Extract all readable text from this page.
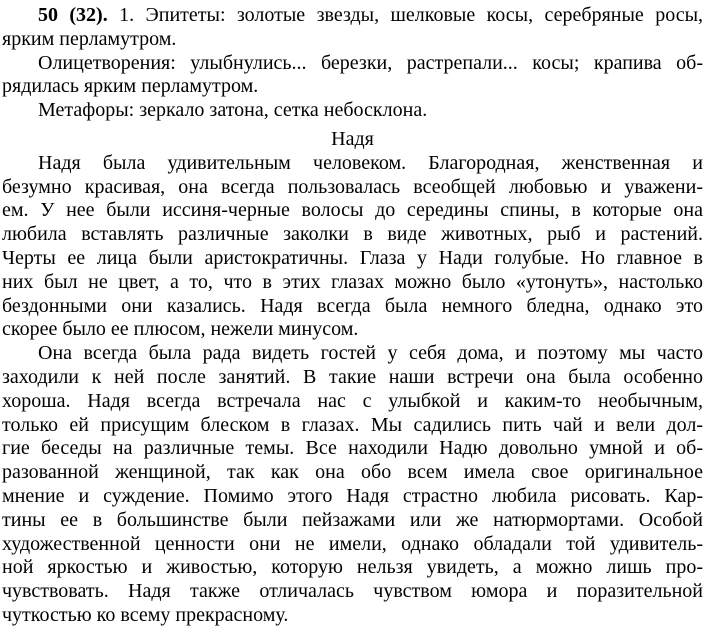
50 (32). 1. Эпитеты: золотые звезды, шелковые косы, серебряные росы,
ярким перламутром.
Олицетворения: улыбнулись... березки, растрепали... косы; крапива об-
рядилась ярким перламутром.
Метафоры: зеркало затона, сетка небосклона.
Надя
Надя была удивительным человеком. Благородная, женственная и
безумно красивая, она всегда пользовалась всеобщей любовью и уважени-
ем. У нее были иссиня-черные волосы до середины спины, в которые она
любила вставлять различные заколки в виде животных, рыб и растений.
Черты ее лица были аристократичны. Глаза у Нади голубые. Но главное в
них был не цвет, а то, что в этих глазах можно было «утонуть», настолько
бездонными они казались. Надя всегда была немного бледна, однако это
скорее было ее плюсом, нежели минусом.
Она всегда была рада видеть гостей у себя дома, и поэтому мы часто
заходили к ней после занятий. В такие наши встречи она была особенно
хороша. Надя всегда встречала нас с улыбкой и каким-то необычным,
только ей присущим блеском в глазах. Мы садились пить чай и вели дол-
гие беседы на различные темы. Все находили Надю довольно умной и об-
разованной женщиной, так как она обо всем имела свое оригинальное
мнение и суждение. Помимо этого Надя страстно любила рисовать. Кар-
тины ее в большинстве были пейзажами или же натюрмортами. Особой
художественной ценности они не имели, однако обладали той удивитель-
ной яркостью и живостью, которую нельзя увидеть, а можно лишь про-
чувствовать. Надя также отличалась чувством юмора и поразительной
чуткостью ко всему прекрасному.
